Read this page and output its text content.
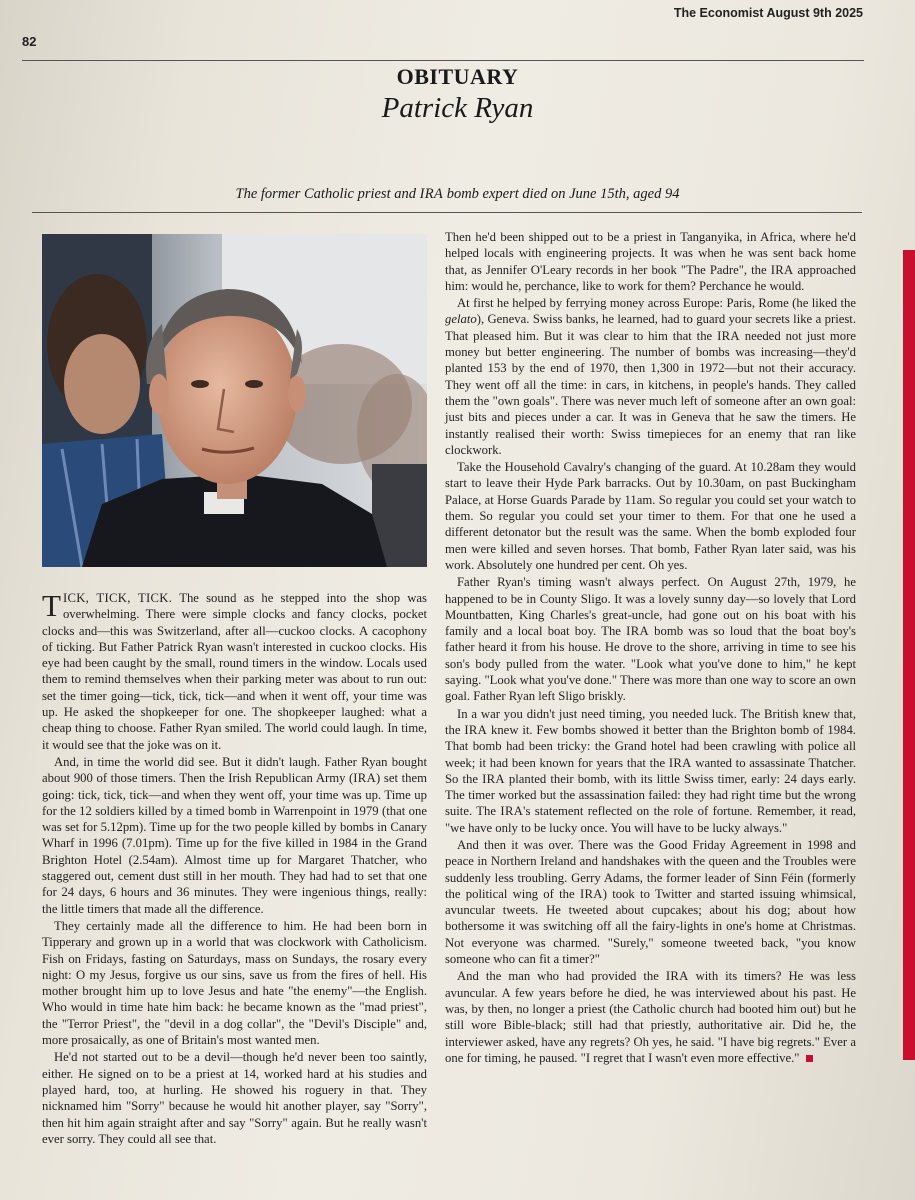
82
The Economist August 9th 2025
OBITUARY
Patrick Ryan
The former Catholic priest and IRA bomb expert died on June 15th, aged 94

TICK, TICK, TICK. The sound as he stepped into the shop was overwhelming. There were simple clocks and fancy clocks, pocket clocks and—this was Switzerland, after all—cuckoo clocks. A cacophony of ticking. But Father Patrick Ryan wasn't interested in cuckoo clocks. His eye had been caught by the small, round timers in the window. Locals used them to remind themselves when their parking meter was about to run out: set the timer going—tick, tick, tick—and when it went off, your time was up. He asked the shopkeeper for one. The shopkeeper laughed: what a cheap thing to choose. Father Ryan smiled. The world could laugh. In time, it would see that the joke was on it.

And, in time the world did see. But it didn't laugh. Father Ryan bought about 900 of those timers. Then the Irish Republican Army (IRA) set them going: tick, tick, tick—and when they went off, your time was up. Time up for the 12 soldiers killed by a timed bomb in Warrenpoint in 1979 (that one was set for 5.12pm). Time up for the two people killed by bombs in Canary Wharf in 1996 (7.01pm). Time up for the five killed in 1984 in the Grand Brighton Hotel (2.54am). Almost time up for Margaret Thatcher, who staggered out, cement dust still in her mouth. They had had to set that one for 24 days, 6 hours and 36 minutes. They were ingenious things, really: the little timers that made all the difference.

They certainly made all the difference to him. He had been born in Tipperary and grown up in a world that was clockwork with Catholicism. Fish on Fridays, fasting on Saturdays, mass on Sundays, the rosary every night: O my Jesus, forgive us our sins, save us from the fires of hell. His mother brought him up to love Jesus and hate "the enemy"—the English. Who would in time hate him back: he became known as the "mad priest", the "Terror Priest", the "devil in a dog collar", the "Devil's Disciple" and, more prosaically, as one of Britain's most wanted men.

He'd not started out to be a devil—though he'd never been too saintly, either. He signed on to be a priest at 14, worked hard at his studies and played hard, too, at hurling. He showed his roguery in that. They nicknamed him "Sorry" because he would hit another player, say "Sorry", then hit him again straight after and say "Sorry" again. But he really wasn't ever sorry. They could all see that.

Then he'd been shipped out to be a priest in Tanganyika, in Africa, where he'd helped locals with engineering projects. It was when he was sent back home that, as Jennifer O'Leary records in her book "The Padre", the IRA approached him: would he, perchance, like to work for them? Perchance he would.

At first he helped by ferrying money across Europe: Paris, Rome (he liked the gelato), Geneva. Swiss banks, he learned, had to guard your secrets like a priest. That pleased him. But it was clear to him that the IRA needed not just more money but better engineering. The number of bombs was increasing—they'd planted 153 by the end of 1970, then 1,300 in 1972—but not their accuracy. They went off all the time: in cars, in kitchens, in people's hands. They called them the "own goals". There was never much left of someone after an own goal: just bits and pieces under a car. It was in Geneva that he saw the timers. He instantly realised their worth: Swiss timepieces for an enemy that ran like clockwork.

Take the Household Cavalry's changing of the guard. At 10.28am they would start to leave their Hyde Park barracks. Out by 10.30am, on past Buckingham Palace, at Horse Guards Parade by 11am. So regular you could set your watch to them. So regular you could set your timer to them. For that one he used a different detonator but the result was the same. When the bomb exploded four men were killed and seven horses. That bomb, Father Ryan later said, was his work. Absolutely one hundred per cent. Oh yes.

Father Ryan's timing wasn't always perfect. On August 27th, 1979, he happened to be in County Sligo. It was a lovely sunny day—so lovely that Lord Mountbatten, King Charles's great-uncle, had gone out on his boat with his family and a local boat boy. The IRA bomb was so loud that the boat boy's father heard it from his house. He drove to the shore, arriving in time to see his son's body pulled from the water. "Look what you've done to him," he kept saying. "Look what you've done." There was more than one way to score an own goal. Father Ryan left Sligo briskly.

In a war you didn't just need timing, you needed luck. The British knew that, the IRA knew it. Few bombs showed it better than the Brighton bomb of 1984. That bomb had been tricky: the Grand hotel had been crawling with police all week; it had been known for years that the IRA wanted to assassinate Thatcher. So the IRA planted their bomb, with its little Swiss timer, early: 24 days early. The timer worked but the assassination failed: they had right time but the wrong suite. The IRA's statement reflected on the role of fortune. Remember, it read, "we have only to be lucky once. You will have to be lucky always."

And then it was over. There was the Good Friday Agreement in 1998 and peace in Northern Ireland and handshakes with the queen and the Troubles were suddenly less troubling. Gerry Adams, the former leader of Sinn Féin (formerly the political wing of the IRA) took to Twitter and started issuing whimsical, avuncular tweets. He tweeted about cupcakes; about his dog; about how bothersome it was switching off all the fairy-lights in one's home at Christmas. Not everyone was charmed. "Surely," someone tweeted back, "you know someone who can fit a timer?"

And the man who had provided the IRA with its timers? He was less avuncular. A few years before he died, he was interviewed about his past. He was, by then, no longer a priest (the Catholic church had booted him out) but he still wore Bible-black; still had that priestly, authoritative air. Did he, the interviewer asked, have any regrets? Oh yes, he said. "I have big regrets." Ever a one for timing, he paused. "I regret that I wasn't even more effective."
